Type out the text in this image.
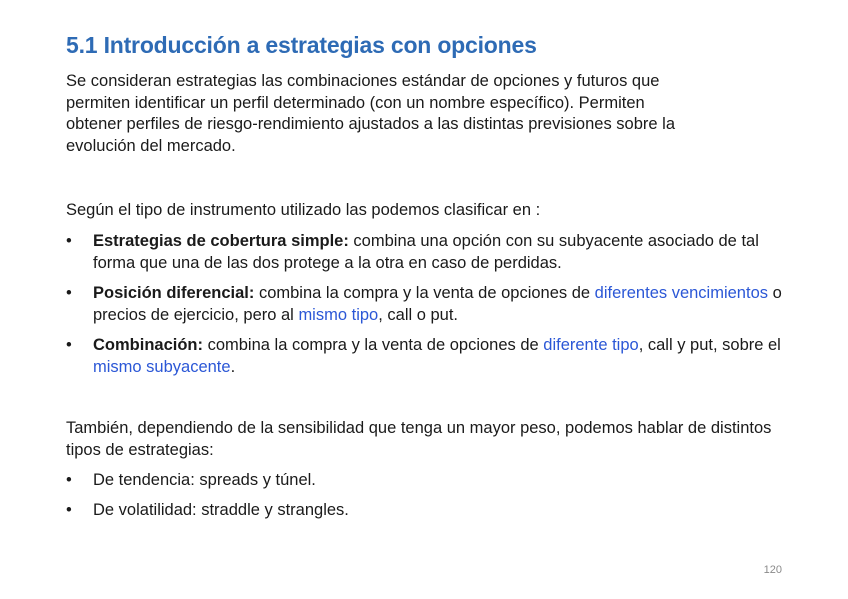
5.1 Introducción a estrategias con opciones
Se consideran estrategias las combinaciones estándar de opciones y futuros que
permiten identificar un perfil determinado (con un nombre específico). Permiten
obtener perfiles de riesgo-rendimiento ajustados a las distintas previsiones sobre la
evolución del mercado.
Según el tipo de instrumento utilizado las podemos clasificar en :
• Estrategias de cobertura simple: combina una opción con su subyacente asociado de tal forma que una de las dos protege a la otra en caso de perdidas.
• Posición diferencial: combina la compra y la venta de opciones de diferentes vencimientos o precios de ejercicio, pero al mismo tipo, call o put.
• Combinación: combina la compra y la venta de opciones de diferente tipo, call y put, sobre el mismo subyacente.
También, dependiendo de la sensibilidad que tenga un mayor peso, podemos hablar de distintos tipos de estrategias:
• De tendencia: spreads y túnel.
• De volatilidad: straddle y strangles.
120
